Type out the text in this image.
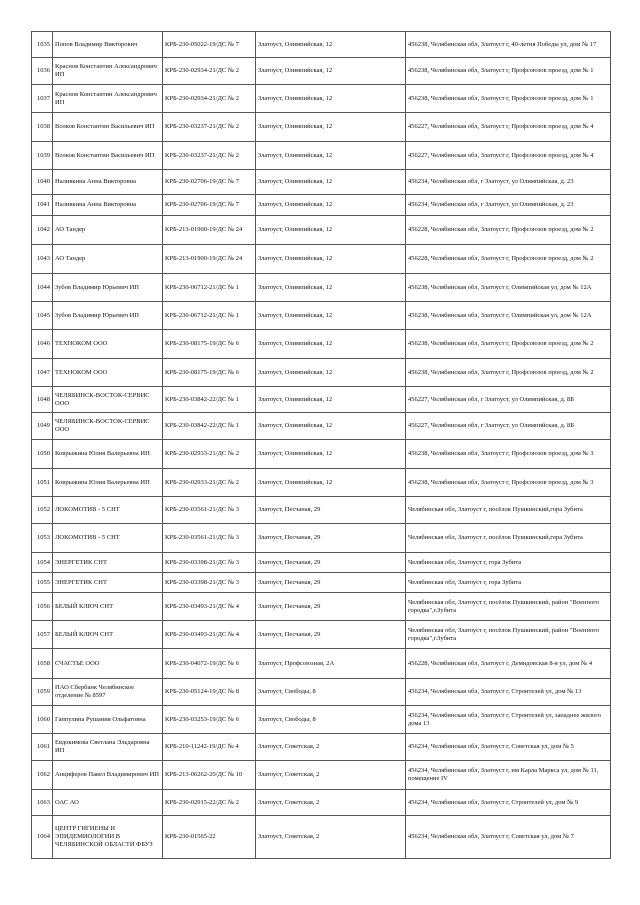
1035	Попов Владимир Викторович	КРБ-230-05022-19/ДС № 7	Златоуст, Олимпийская, 12	456238, Челябинская обл, Златоуст г, 40-летия Победы ул, дом № 17
1036	Краснов Константин Александрович ИП	КРБ-230-02934-21/ДС № 2	Златоуст, Олимпийская, 12	456238, Челябинская обл, Златоуст г, Профсоюзов проезд, дом № 1
1037	Краснов Константин Александрович ИП	КРБ-230-02934-21/ДС № 2	Златоуст, Олимпийская, 12	456238, Челябинская обл, Златоуст г, Профсоюзов проезд, дом № 1
1038	Волков Константин Васильевич ИП	КРБ-230-03237-21/ДС № 2	Златоуст, Олимпийская, 12	456227, Челябинская обл, Златоуст г, Профсоюзов проезд, дом № 4
1039	Волков Константин Васильевич ИП	КРБ-230-03237-21/ДС № 2	Златоуст, Олимпийская, 12	456227, Челябинская обл, Златоуст г, Профсоюзов проезд, дом № 4
1040	Наливкина Анна Викторовна	КРБ-230-02706-19/ДС № 7	Златоуст, Олимпийская, 12	456234, Челябинская обл, г Златоуст, ул Олимпийская, д. 23
1041	Наливкина Анна Викторовна	КРБ-230-02706-19/ДС № 7	Златоуст, Олимпийская, 12	456234, Челябинская обл, г Златоуст, ул Олимпийская, д. 23
1042	АО Тандер	КРБ-213-01900-19/ДС № 24	Златоуст, Олимпийская, 12	456228, Челябинская обл, Златоуст г, Профсоюзов проезд, дом № 2
1043	АО Тандер	КРБ-213-01900-19/ДС № 24	Златоуст, Олимпийская, 12	456228, Челябинская обл, Златоуст г, Профсоюзов проезд, дом № 2
1044	Зубов Владимир Юрьевич ИП	КРБ-230-06712-21/ДС № 1	Златоуст, Олимпийская, 12	456238, Челябинская обл, Златоуст г, Олимпийская ул, дом № 12А
1045	Зубов Владимир Юрьевич ИП	КРБ-230-06712-21/ДС № 1	Златоуст, Олимпийская, 12	456238, Челябинская обл, Златоуст г, Олимпийская ул, дом № 12А
1046	ТЕХНОКОМ ООО	КРБ-230-08175-19/ДС № 6	Златоуст, Олимпийская, 12	456238, Челябинская обл, Златоуст г, Профсоюзов проезд, дом № 2
1047	ТЕХНОКОМ ООО	КРБ-230-08175-19/ДС № 6	Златоуст, Олимпийская, 12	456238, Челябинская обл, Златоуст г, Профсоюзов проезд, дом № 2
1048	ЧЕЛЯБИНСК-ВОСТОК-СЕРВИС ООО	КРБ-230-03842-22/ДС № 1	Златоуст, Олимпийская, 12	456227, Челябинская обл, г Златоуст, ул Олимпийская, д. 8Б
1049	ЧЕЛЯБИНСК-ВОСТОК-СЕРВИС ООО	КРБ-230-03842-22/ДС № 1	Златоуст, Олимпийская, 12	456227, Челябинская обл, г Златоуст, ул Олимпийская, д. 8Б
1050	Коврыжина Юлия Валерьевна ИП	КРБ-230-02933-21/ДС № 2	Златоуст, Олимпийская, 12	456238, Челябинская обл, Златоуст г, Профсоюзов проезд, дом № 3
1051	Коврыжина Юлия Валерьевна ИП	КРБ-230-02933-21/ДС № 2	Златоуст, Олимпийская, 12	456238, Челябинская обл, Златоуст г, Профсоюзов проезд, дом № 3
1052	ЛОКОМОТИВ - 5 СНТ	КРБ-230-03561-21/ДС № 3	Златоуст, Песчаная, 29	Челябинская обл, Златоуст г, посёлок Пушкинский,гора Зубита
1053	ЛОКОМОТИВ - 5 СНТ	КРБ-230-03561-21/ДС № 3	Златоуст, Песчаная, 29	Челябинская обл, Златоуст г, посёлок Пушкинский,гора Зубита
1054	ЭНЕРГЕТИК СНТ	КРБ-230-03398-21/ДС № 3	Златоуст, Песчаная, 29	Челябинская обл, Златоуст г, гора Зубита
1055	ЭНЕРГЕТИК СНТ	КРБ-230-03398-21/ДС № 3	Златоуст, Песчаная, 29	Челябинская обл, Златоуст г, гора Зубита
1056	БЕЛЫЙ КЛЮЧ СНТ	КРБ-230-03493-21/ДС № 4	Златоуст, Песчаная, 29	Челябинская обл, Златоуст г, посёлок Пушкинский, район "Военного городка",г.Зубита
1057	БЕЛЫЙ КЛЮЧ СНТ	КРБ-230-03493-21/ДС № 4	Златоуст, Песчаная, 29	Челябинская обл, Златоуст г, посёлок Пушкинский, район "Военного городка",г.Зубита
1058	СЧАСТЬЕ ООО	КРБ-230-04072-19/ДС № 6	Златоуст, Профсоюзная, 2А	456228, Челябинская обл, Златоуст г, Демидовская 8-я ул, дом № 4
1059	ПАО Сбербанк Челябинское отделение № 8597	КРБ-230-05124-19/ДС № 8	Златоуст, Свободы, 8	456234, Челябинская обл, Златоуст г, Строителей ул, дом № 13
1060	Гаппулина Рушания Ольфатовна	КРБ-230-03253-19/ДС № 6	Златоуст, Свободы, 8	456234, Челябинская обл, Златоуст г, Строителей ул, западнее жилого дома 13
1061	Евдокимова Светлана Эльдаровна ИП	КРБ-210-11242-19/ДС № 4	Златоуст, Советская, 2	456234, Челябинская обл, Златоуст г, Советская ул, дом № 5
1062	Анциферов Павел Владимирович ИП	КРБ-213-06262-20/ДС № 10	Златоуст, Советская, 2	456234, Челябинская обл, Златоуст г, им Карла Маркса ул, дом № 11, помещение IV
1063	ОАС АО	КРБ-230-02915-22/ДС № 2	Златоуст, Советская, 2	456234, Челябинская обл, Златоуст г, Строителей ул, дом № 9
1064	ЦЕНТР ГИГИЕНЫ И ЭПИДЕМИОЛОГИИ В ЧЕЛЯБИНСКОЙ ОБЛАСТИ ФБУЗ	КРБ-230-01565-22	Златоуст, Советская, 2	456234, Челябинская обл, Златоуст г, Советская ул, дом № 7
